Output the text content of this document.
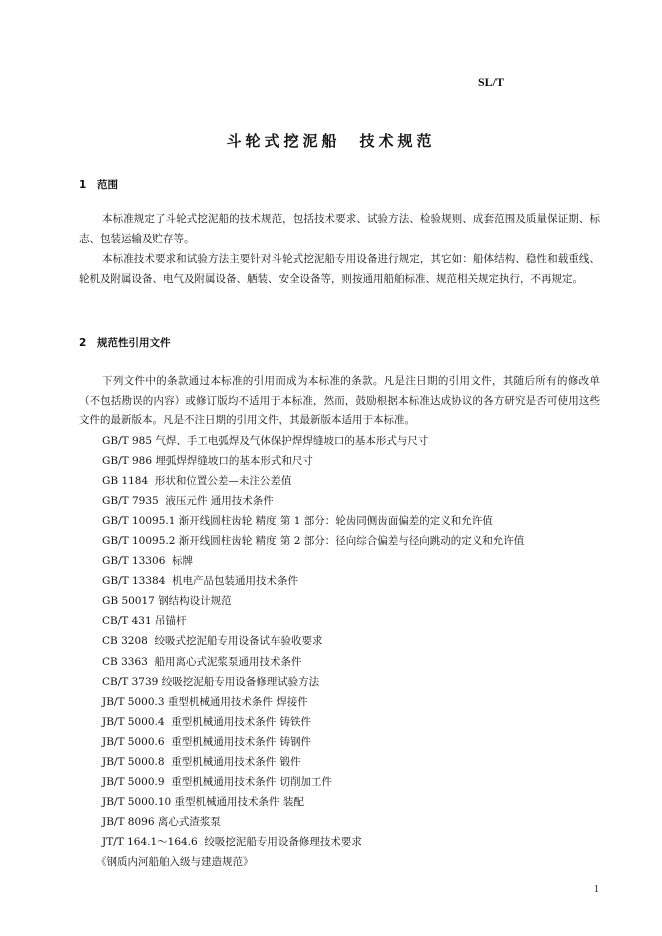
SL/T
斗轮式挖泥船　技术规范
1 范围
本标准规定了斗轮式挖泥船的技术规范，包括技术要求、试验方法、检验规则、成套范围及质量保证期、标志、包装运输及贮存等。
本标准技术要求和试验方法主要针对斗轮式挖泥船专用设备进行规定，其它如：船体结构、稳性和载重线、轮机及附属设备、电气及附属设备、舾装、安全设备等，则按通用船舶标准、规范相关规定执行，不再规定。
2 规范性引用文件
下列文件中的条款通过本标准的引用而成为本标准的条款。凡是注日期的引用文件，其随后所有的修改单（不包括勘误的内容）或修订版均不适用于本标准，然而，鼓励根据本标准达成协议的各方研究是否可使用这些文件的最新版本。凡是不注日期的引用文件，其最新版本适用于本标准。
GB/T 985 气焊、手工电弧焊及气体保护焊焊缝坡口的基本形式与尺寸
GB/T 986 埋弧焊焊缝坡口的基本形式和尺寸
GB 1184  形状和位置公差—未注公差值
GB/T 7935  液压元件 通用技术条件
GB/T 10095.1 渐开线圆柱齿轮 精度 第 1 部分：轮齿同侧齿面偏差的定义和允许值
GB/T 10095.2 渐开线圆柱齿轮 精度 第 2 部分：径向综合偏差与径向跳动的定义和允许值
GB/T 13306  标牌
GB/T 13384  机电产品包装通用技术条件
GB 50017 钢结构设计规范
CB/T 431 吊锚杆
CB 3208  绞吸式挖泥船专用设备试车验收要求
CB 3363  船用离心式泥浆泵通用技术条件
CB/T 3739 绞吸挖泥船专用设备修理试验方法
JB/T 5000.3 重型机械通用技术条件 焊接件
JB/T 5000.4  重型机械通用技术条件 铸铁件
JB/T 5000.6  重型机械通用技术条件 铸钢件
JB/T 5000.8  重型机械通用技术条件 锻件
JB/T 5000.9  重型机械通用技术条件 切削加工件
JB/T 5000.10 重型机械通用技术条件 装配
JB/T 8096 离心式渣浆泵
JT/T 164.1～164.6  绞吸挖泥船专用设备修理技术要求
《钢质内河船舶入级与建造规范》
1
